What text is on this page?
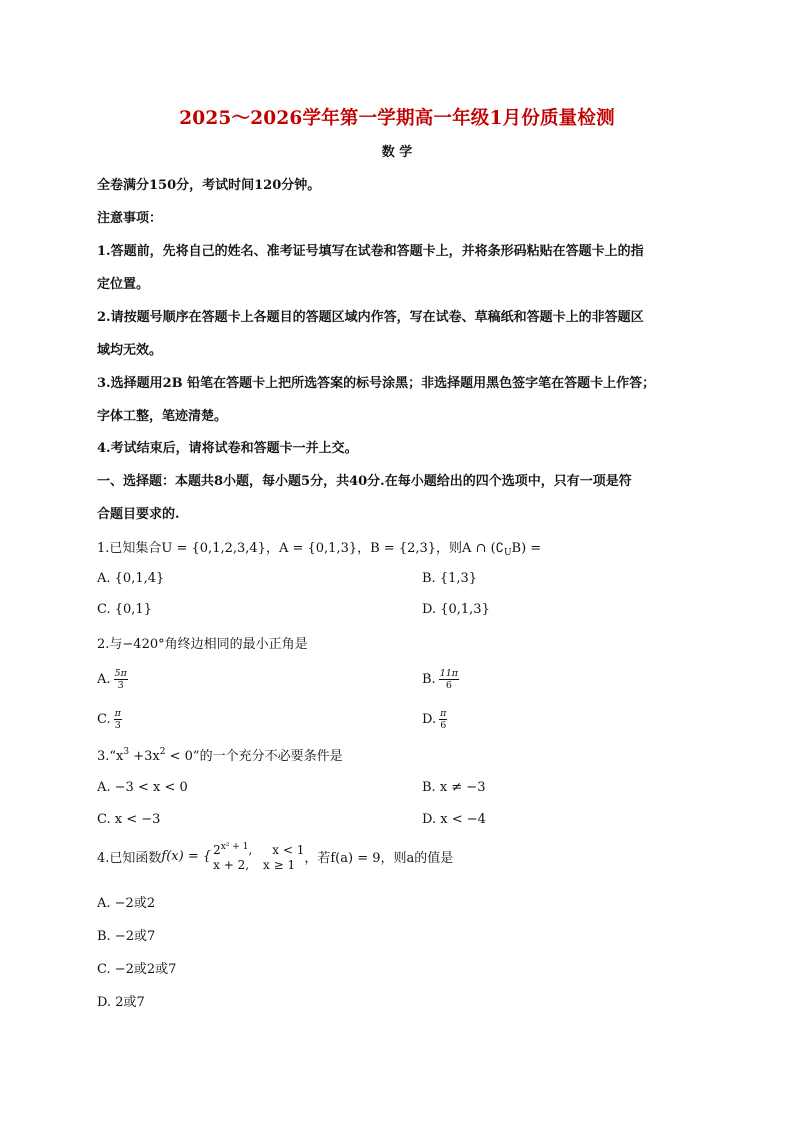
2025～2026学年第一学期高一年级1月份质量检测
数 学
全卷满分150分，考试时间120分钟。
注意事项：
1.答题前，先将自己的姓名、准考证号填写在试卷和答题卡上，并将条形码粘贴在答题卡上的指
定位置。
2.请按题号顺序在答题卡上各题目的答题区域内作答，写在试卷、草稿纸和答题卡上的非答题区
域均无效。
3.选择题用2B 铅笔在答题卡上把所选答案的标号涂黑；非选择题用黑色签字笔在答题卡上作答；
字体工整，笔迹清楚。
4.考试结束后，请将试卷和答题卡一并上交。
一、选择题：本题共8小题，每小题5分，共40分.在每小题给出的四个选项中，只有一项是符
合题目要求的.
1.已知集合U = {0,1,2,3,4}，A = {0,1,3}，B = {2,3}，则A ∩ $(∁_UB)$ =
A. {0,1,4}	B. {1,3}
C. {0,1}	D. {0,1,3}
2.与−420°角终边相同的最小正角是
A. $\frac{5\pi}{3}$	B. $\frac{11\pi}{6}$
C. $\frac{\pi}{3}$	D. $\frac{\pi}{6}$
$3.“x^3 +3x^2 < 0$”的一个充分不必要条件是
A. −3 < x < 0	B. x ≠ −3
C. x < −3	D. x < −4
4.已知函数f(x) = { $2^{x^2 + 1}$, x < 1
x + 2, x ≥ 1 ，若f(a) = 9，则a的值是
A. −2或2
B. −2或7
C. −2或2或7
D. 2或7
